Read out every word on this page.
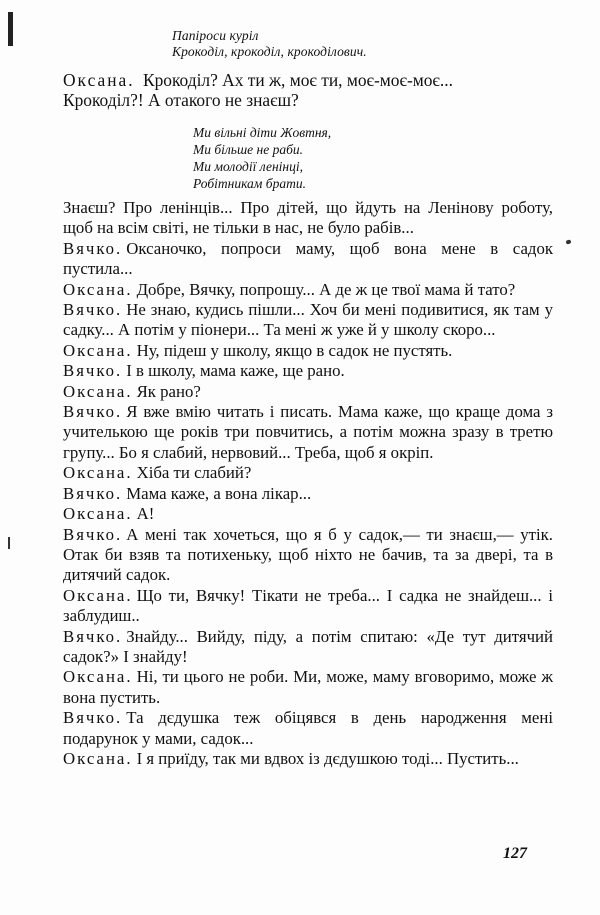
Папіроси куріл
Крокоділ, крокоділ, крокоділович.

Оксана. Крокоділ? Ах ти ж, моє ти, моє-моє-моє...
Крокоділ?! А отакого не знаєш?

Ми вільні діти Жовтня,
Ми більше не раби.
Ми молодії ленінці,
Робітникам брати.

Знаєш? Про ленінців... Про дітей, що йдуть на Ленінову роботу, щоб на всім світі, не тільки в нас, не було рабів...

Вячко. Оксаночко, попроси маму, щоб вона мене в садок пустила...

Оксана. Добре, Вячку, попрошу... А де ж це твої мама й тато?

Вячко. Не знаю, кудись пішли... Хоч би мені подивитися, як там у садку... А потім у піонери... Та мені ж уже й у школу скоро...

Оксана. Ну, підеш у школу, якщо в садок не пустять.

Вячко. І в школу, мама каже, ще рано.

Оксана. Як рано?

Вячко. Я вже вмію читать і писать. Мама каже, що краще дома з учителькою ще років три повчитись, а потім можна зразу в третю групу... Бо я слабий, нервовий... Треба, щоб я окріп.

Оксана. Хіба ти слабий?

Вячко. Мама каже, а вона лікар...

Оксана. А!

Вячко. А мені так хочеться, що я б у садок,— ти знаєш,— утік. Отак би взяв та потихеньку, щоб ніхто не бачив, та за двері, та в дитячий садок.

Оксана. Що ти, Вячку! Тікати не треба... І садка не знайдеш... і заблудиш..

Вячко. Знайду... Вийду, піду, а потім спитаю: «Де тут дитячий садок?» І знайду!

Оксана. Ні, ти цього не роби. Ми, може, маму вговоримо, може ж вона пустить.

Вячко. Та дєдушка теж обіцявся в день народження мені подарунок у мами, садок...

Оксана. І я приїду, так ми вдвох із дєдушкою тоді... Пустить...

127
